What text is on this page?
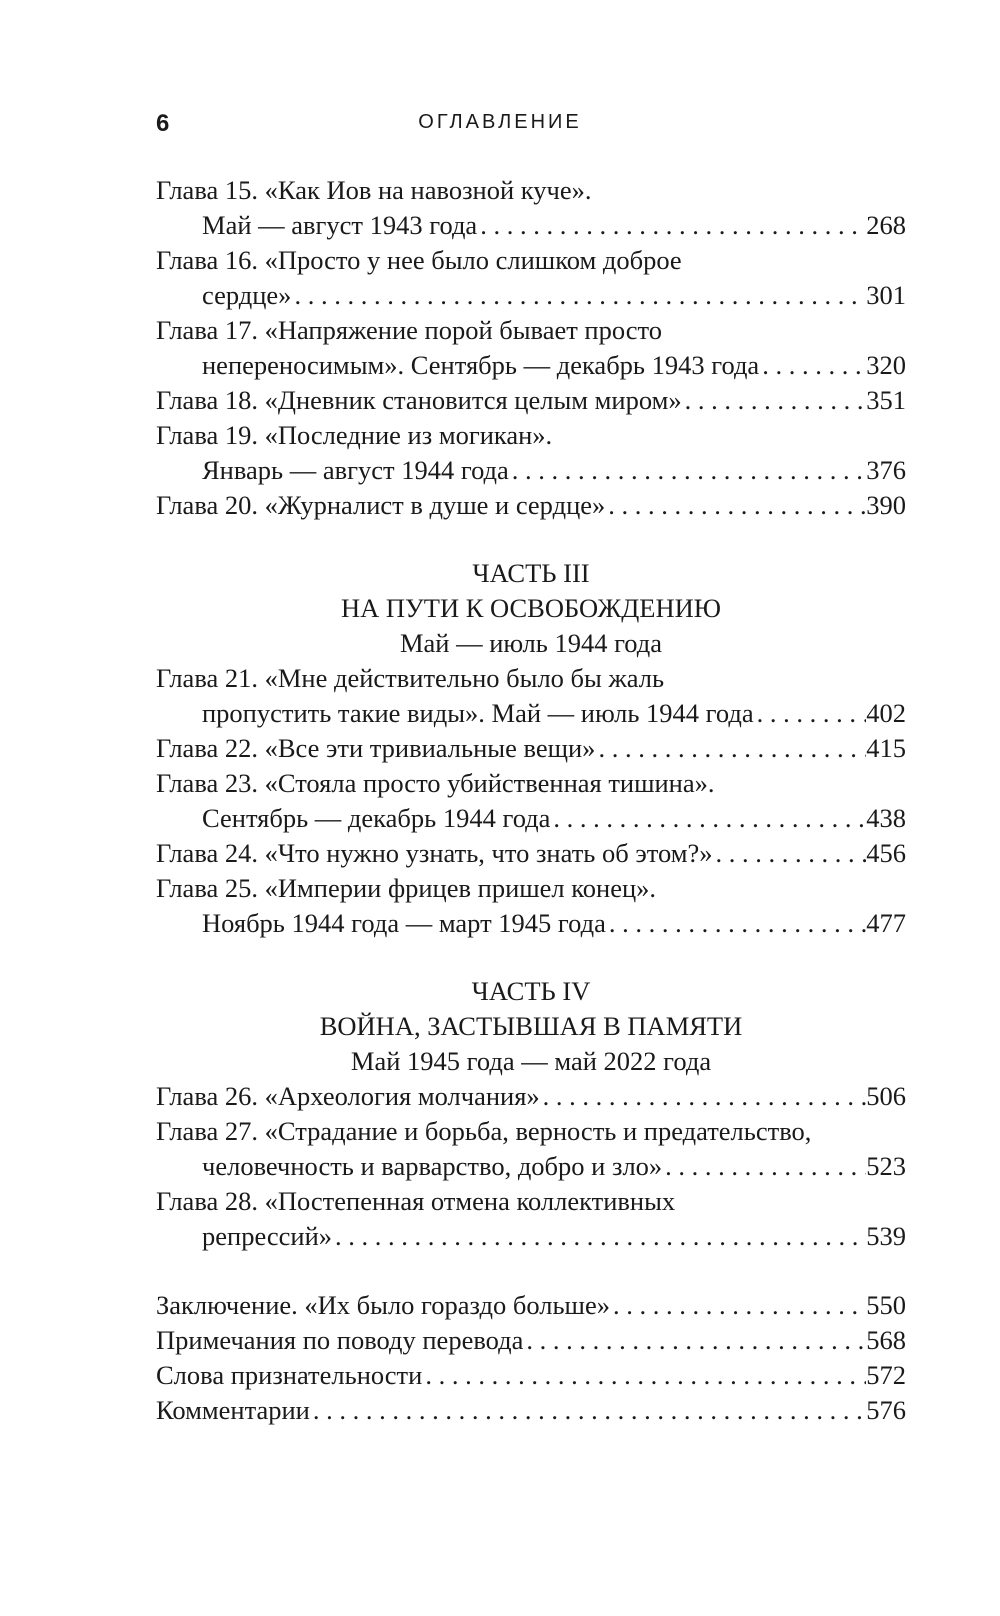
6	ОГЛАВЛЕНИЕ
Глава 15. «Как Иов на навозной куче».
Май — август 1943 года . . .	268
Глава 16. «Просто у нее было слишком доброе
сердце» . . .	301
Глава 17. «Напряжение порой бывает просто
непереносимым». Сентябрь — декабрь 1943 года . . .	320
Глава 18. «Дневник становится целым миром» . . .	351
Глава 19. «Последние из могикан».
Январь — август 1944 года . . .	376
Глава 20. «Журналист в душе и сердце» . . .	390
ЧАСТЬ III
НА ПУТИ К ОСВОБОЖДЕНИЮ
Май — июль 1944 года
Глава 21. «Мне действительно было бы жаль
пропустить такие виды». Май — июль 1944 года . . .	402
Глава 22. «Все эти тривиальные вещи» . . .	415
Глава 23. «Стояла просто убийственная тишина».
Сентябрь — декабрь 1944 года . . .	438
Глава 24. «Что нужно узнать, что знать об этом?» . . .	456
Глава 25. «Империи фрицев пришел конец».
Ноябрь 1944 года — март 1945 года . . .	477
ЧАСТЬ IV
ВОЙНА, ЗАСТЫВШАЯ В ПАМЯТИ
Май 1945 года — май 2022 года
Глава 26. «Археология молчания» . . .	506
Глава 27. «Страдание и борьба, верность и предательство,
человечность и варварство, добро и зло» . . .	523
Глава 28. «Постепенная отмена коллективных
репрессий» . . .	539
Заключение. «Их было гораздо больше» . . .	550
Примечания по поводу перевода . . .	568
Слова признательности . . .	572
Комментарии . . .	576
